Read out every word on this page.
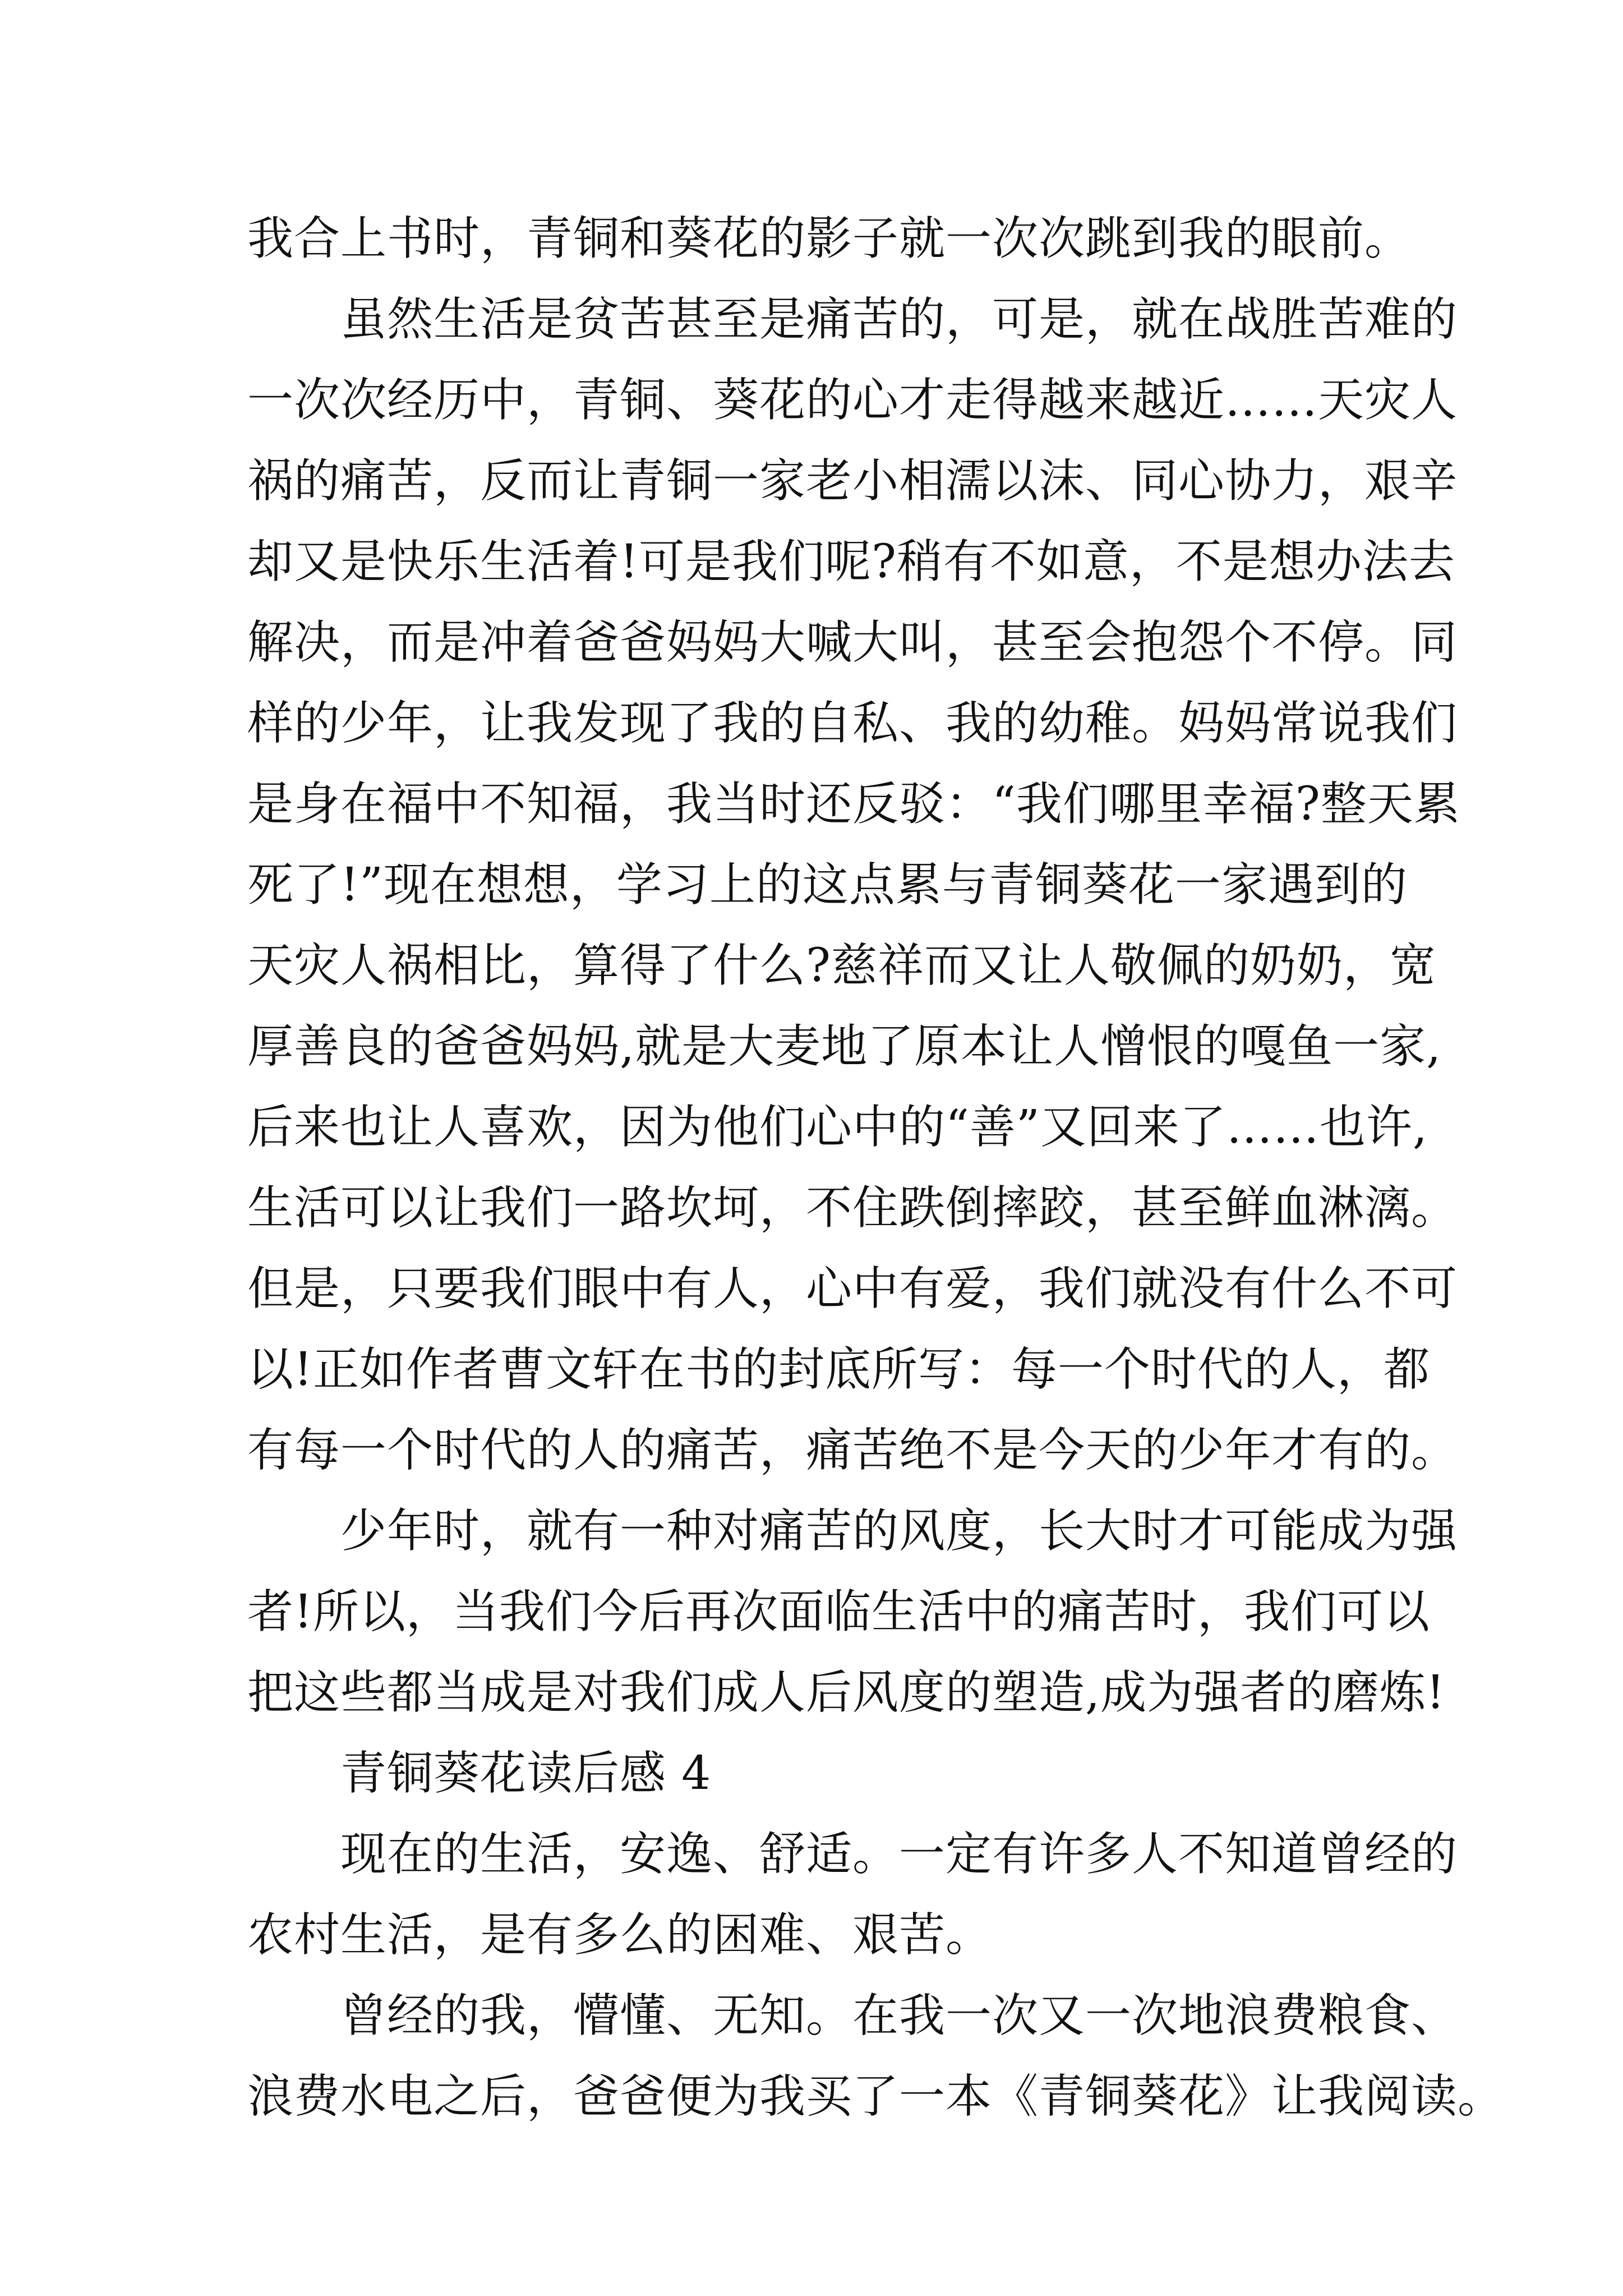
我合上书时，青铜和葵花的影子就一次次跳到我的眼前。
虽然生活是贫苦甚至是痛苦的，可是，就在战胜苦难的
一次次经历中，青铜、葵花的心才走得越来越近……天灾人
祸的痛苦，反而让青铜一家老小相濡以沫、同心协力，艰辛
却又是快乐生活着!可是我们呢?稍有不如意，不是想办法去
解决，而是冲着爸爸妈妈大喊大叫，甚至会抱怨个不停。同
样的少年，让我发现了我的自私、我的幼稚。妈妈常说我们
是身在福中不知福，我当时还反驳：“我们哪里幸福?整天累
死了!”现在想想，学习上的这点累与青铜葵花一家遇到的
天灾人祸相比，算得了什么?慈祥而又让人敬佩的奶奶，宽
厚善良的爸爸妈妈,就是大麦地了原本让人憎恨的嘎鱼一家,
后来也让人喜欢，因为他们心中的“善”又回来了……也许,
生活可以让我们一路坎坷，不住跌倒摔跤，甚至鲜血淋漓。
但是，只要我们眼中有人，心中有爱，我们就没有什么不可
以!正如作者曹文轩在书的封底所写：每一个时代的人，都
有每一个时代的人的痛苦，痛苦绝不是今天的少年才有的。
少年时，就有一种对痛苦的风度，长大时才可能成为强
者!所以，当我们今后再次面临生活中的痛苦时，我们可以
把这些都当成是对我们成人后风度的塑造,成为强者的磨炼!
青铜葵花读后感 4
现在的生活，安逸、舒适。一定有许多人不知道曾经的
农村生活，是有多么的困难、艰苦。
曾经的我，懵懂、无知。在我一次又一次地浪费粮食、
浪费水电之后，爸爸便为我买了一本《青铜葵花》让我阅读。
